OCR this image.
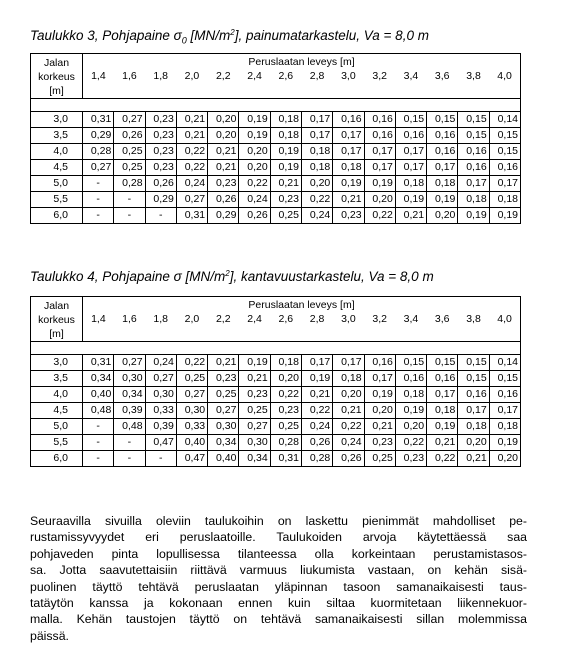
Taulukko 3, Pohjapaine $\sigma_0$ $[MN/m^2]$, painumatarkastelu, Va = 8,0 m
Jalan
korkeus
[m]	Peruslaatan leveys [m]													
	1,4	1,6	1,8	2,0	2,2	2,4	2,6	2,8	3,0	3,2	3,4	3,6	3,8	4,0

3,0	0,31	0,27	0,23	0,21	0,20	0,19	0,18	0,17	0,16	0,16	0,15	0,15	0,15	0,14
3,5	0,29	0,26	0,23	0,21	0,20	0,19	0,18	0,17	0,17	0,16	0,16	0,16	0,15	0,15
4,0	0,28	0,25	0,23	0,22	0,21	0,20	0,19	0,18	0,17	0,17	0,17	0,16	0,16	0,15
4,5	0,27	0,25	0,23	0,22	0,21	0,20	0,19	0,18	0,18	0,17	0,17	0,17	0,16	0,16
5,0	-	0,28	0,26	0,24	0,23	0,22	0,21	0,20	0,19	0,19	0,18	0,18	0,17	0,17
5,5	-	-	0,29	0,27	0,26	0,24	0,23	0,22	0,21	0,20	0,19	0,19	0,18	0,18
6,0	-	-	-	0,31	0,29	0,26	0,25	0,24	0,23	0,22	0,21	0,20	0,19	0,19
Taulukko 4, Pohjapaine σ $[MN/m^2]$, kantavuustarkastelu, Va = 8,0 m
Jalan
korkeus
[m]	Peruslaatan leveys [m]													
	1,4	1,6	1,8	2,0	2,2	2,4	2,6	2,8	3,0	3,2	3,4	3,6	3,8	4,0

3,0	0,31	0,27	0,24	0,22	0,21	0,19	0,18	0,17	0,17	0,16	0,15	0,15	0,15	0,14
3,5	0,34	0,30	0,27	0,25	0,23	0,21	0,20	0,19	0,18	0,17	0,16	0,16	0,15	0,15
4,0	0,40	0,34	0,30	0,27	0,25	0,23	0,22	0,21	0,20	0,19	0,18	0,17	0,16	0,16
4,5	0,48	0,39	0,33	0,30	0,27	0,25	0,23	0,22	0,21	0,20	0,19	0,18	0,17	0,17
5,0	-	0,48	0,39	0,33	0,30	0,27	0,25	0,24	0,22	0,21	0,20	0,19	0,18	0,18
5,5	-	-	0,47	0,40	0,34	0,30	0,28	0,26	0,24	0,23	0,22	0,21	0,20	0,19
6,0	-	-	-	0,47	0,40	0,34	0,31	0,28	0,26	0,25	0,23	0,22	0,21	0,20
Seuraavilla sivuilla oleviin taulukoihin on laskettu pienimmät mahdolliset pe-
rustamissyvyydet eri peruslaatoille. Taulukoiden arvoja käytettäessä saa
pohjaveden pinta lopullisessa tilanteessa olla korkeintaan perustamistasos-
sa. Jotta saavutettaisiin riittävä varmuus liukumista vastaan, on kehän sisä-
puolinen täyttö tehtävä peruslaatan yläpinnan tasoon samanaikaisesti taus-
tatäytön kanssa ja kokonaan ennen kuin siltaa kuormitetaan liikennekuor-
malla. Kehän taustojen täyttö on tehtävä samanaikaisesti sillan molemmissa
päissä.
